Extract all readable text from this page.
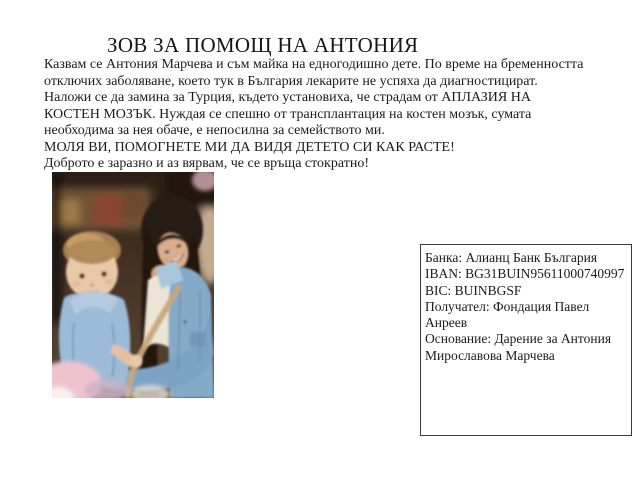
ЗОВ ЗА ПОМОЩ НА АНТОНИЯ
Казвам се Антония Марчева и съм майка на едногодишно дете. По време на бременността
отключих заболяване, което тук в България лекарите не успяха да диагностицират.
Наложи се да замина за Турция, където установиха, че страдам от АПЛАЗИЯ НА
КОСТЕН МОЗЪК. Нуждая се спешно от трансплантация на костен мозък, сумата
необходима за нея обаче, е непосилна за семейството ми.
МОЛЯ ВИ, ПОМОГНЕТЕ МИ ДА ВИДЯ ДЕТЕТО СИ КАК РАСТЕ!
Доброто е заразно и аз вярвам, че се връща стократно!
Банка: Алианц Банк България
IBAN: BG31BUIN95611000740997
BIC: BUINBGSF
Получател: Фондация Павел
Анреев
Основание: Дарение за Антония
Мирославова Марчева
